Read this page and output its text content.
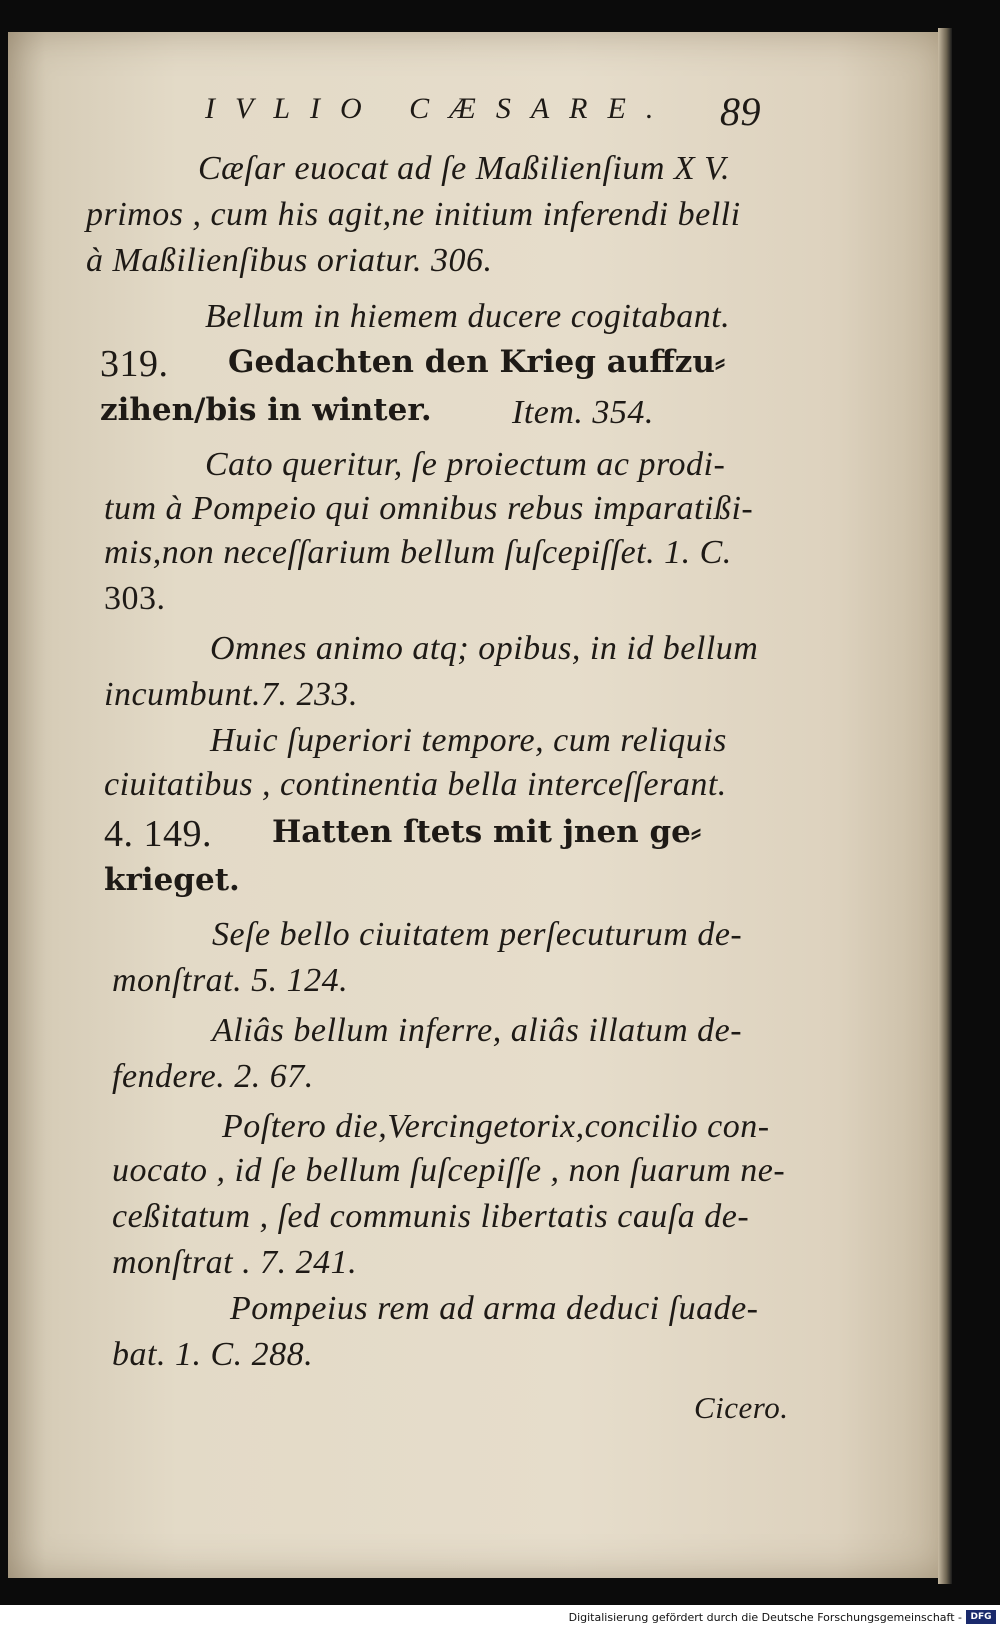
IVLIO CÆSARE. 89
Cæſar euocat ad ſe Maßilienſium X V.
primos , cum his agit,ne initium inferendi belli
à Maßilienſibus oriatur. 306.
Bellum in hiemem ducere cogitabant.
319. Gedachten den Krieg auffzu⸗
zihen/bis in winter. Item. 354.
Cato queritur, ſe proiectum ac prodi-
tum à Pompeio qui omnibus rebus imparatißi-
mis,non neceſſarium bellum ſuſcepiſſet. 1. C.
303.
Omnes animo atq; opibus, in id bellum
incumbunt.7. 233.
Huic ſuperiori tempore, cum reliquis
ciuitatibus , continentia bella interceſſerant.
4. 149. Hatten ſtets mit jnen ge⸗
krieget.
Seſe bello ciuitatem perſecuturum de-
monſtrat. 5. 124.
Aliâs bellum inferre, aliâs illatum de-
fendere. 2. 67.
Poſtero die,Vercingetorix,concilio con-
uocato , id ſe bellum ſuſcepiſſe , non ſuarum ne-
ceßitatum , ſed communis libertatis cauſa de-
monſtrat . 7. 241.
Pompeius rem ad arma deduci ſuade-
bat. 1. C. 288.
Cicero.
Digitalisierung gefördert durch die Deutsche Forschungsgemeinschaft - DFG
